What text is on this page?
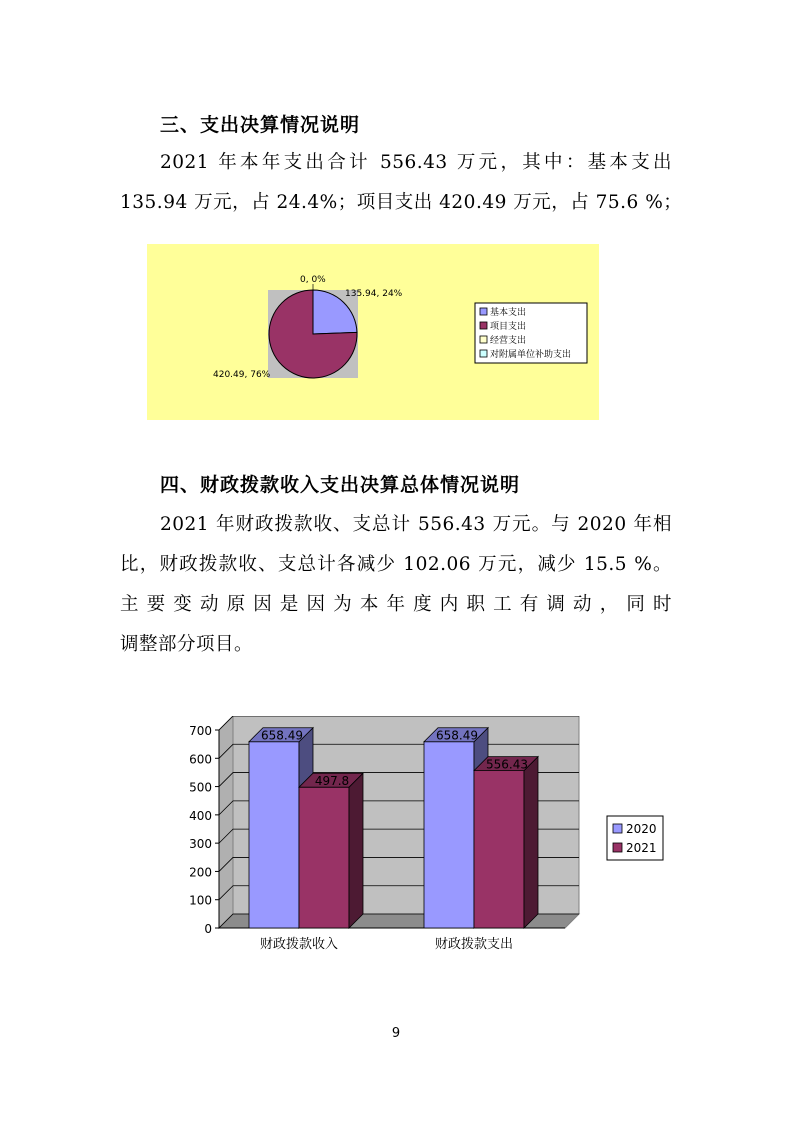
三、支出决算情况说明
2021 年本年支出合计 556.43 万元，其中：基本支出
135.94 万元，占 24.4%；项目支出 420.49 万元，占 75.6 %；
0, 0%
135.94, 24%
420.49, 76%
基本支出
项目支出
经营支出
对附属单位补助支出
四、财政拨款收入支出决算总体情况说明
2021 年财政拨款收、支总计 556.43 万元。与 2020 年相
比，财政拨款收、支总计各减少 102.06 万元，减少 15.5 %。
主要变动原因是因为本年度内职工有调动，同时
调整部分项目。
0
100
200
300
400
500
600
700	658.49
497.8
658.49
556.43
财政拨款收入	财政拨款支出
2020
2021
9
